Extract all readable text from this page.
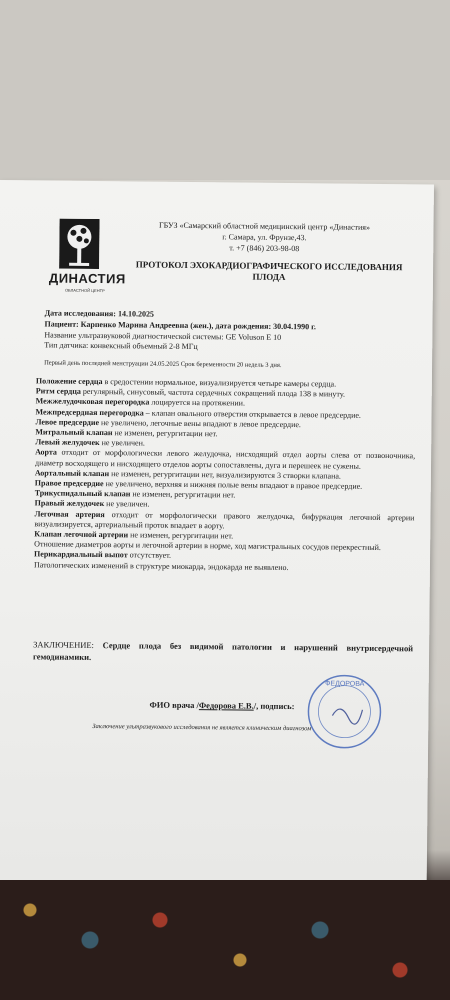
ДИНАСТИЯ
ОБЛАСТНОЙ ЦЕНТР
ГБУЗ «Самарский областной медицинский центр «Династия»
г. Самара, ул. Фрунзе,43.
т. +7 (846) 203-98-08
ПРОТОКОЛ ЭХОКАРДИОГРАФИЧЕСКОГО ИССЛЕДОВАНИЯ ПЛОДА
Дата исследования: 14.10.2025
Пациент: Карпенко Марина Андреевна (жен.), дата рождения: 30.04.1990 г.
Название ультразвуковой диагностической системы: GE Voluson E 10
Тип датчика: конвексный объемный 2-8 МГц
Первый день последней менструации 24.05.2025 Срок беременности 20 недель 3 дня.

Положение сердца в средостении нормальное, визуализируется четыре камеры сердца.

Ритм сердца регулярный, синусовый, частота сердечных сокращений плода 138 в минуту.

Межжелудочковая перегородка лоцируется на протяжении.

Межпредсердная перегородка – клапан овального отверстия открывается в левое предсердие.

Левое предсердие не увеличено, легочные вены впадают в левое предсердие.

Митральный клапан не изменен, регургитации нет.

Левый желудочек не увеличен.

Аорта отходит от морфологически левого желудочка, нисходящий отдел аорты слева от позвоночника, диаметр восходящего и нисходящего отделов аорты сопоставлены, дуга и перешеек не сужены.

Аортальный клапан не изменен, регургитации нет, визуализируются 3 створки клапана.

Правое предсердие не увеличено, верхняя и нижняя полые вены впадают в правое предсердие.

Трикуспидальный клапан не изменен, регургитации нет.

Правый желудочек не увеличен.

Легочная артерия отходит от морфологически правого желудочка, бифуркация легочной артерии визуализируется, артериальный проток впадает в аорту.

Клапан легочной артерии не изменен, регургитации нет.

Отношение диаметров аорты и легочной артерии в норме, ход магистральных сосудов перекрестный.

Перикардиальный выпот отсутствует.

Патологических изменений в структуре миокарда, эндокарда не выявлено.

ЗАКЛЮЧЕНИЕ: Сердце плода без видимой патологии и нарушений внутрисердечной гемодинамики.
ФИО врача /Федорова Е.В./, подпись:
Заключение ультразвукового исследования не является клиническим диагнозом
ФЕДОРОВА
